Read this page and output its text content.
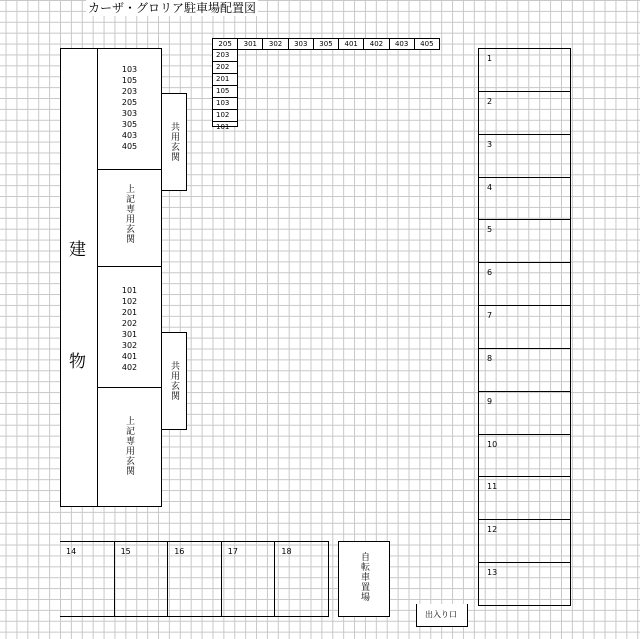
カーザ・グロリア駐車場配置図
建
物
103
105
203
205
303
305
403
405
上記専用玄関
共用玄関
101
102
201
202
301
302
401
402
上記専用玄関
共用玄関
205	301	302	303	305	401	402	403	405
203
202
201
105
103
102
101
1
2
3
4
5
6
7
8
9
10
11
12
13
14	15	16	17	18
自転車置場
出入り口
